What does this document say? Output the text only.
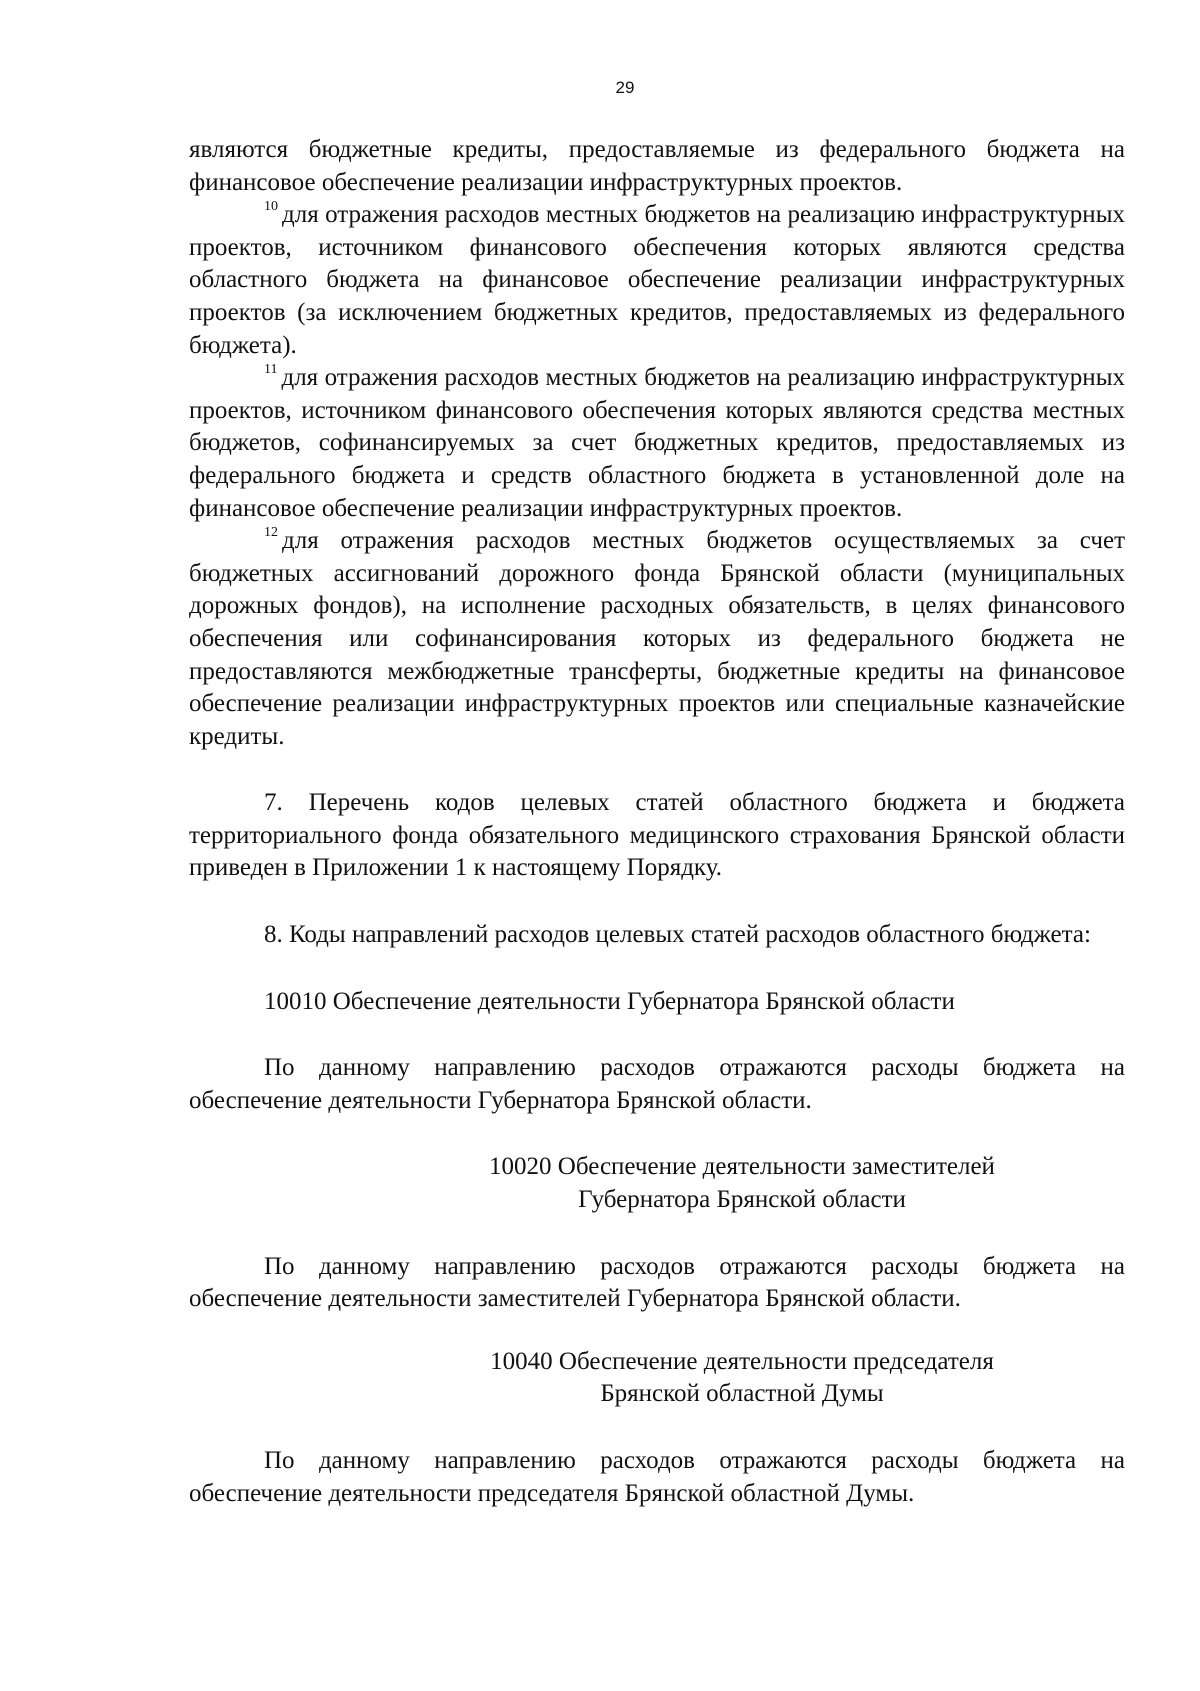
29

являются бюджетные кредиты, предоставляемые из федерального бюджета на финансовое обеспечение реализации инфраструктурных проектов.

$^{10}$ для отражения расходов местных бюджетов на реализацию инфраструктурных проектов, источником финансового обеспечения которых являются средства областного бюджета на финансовое обеспечение реализации инфраструктурных проектов (за исключением бюджетных кредитов, предоставляемых из федерального бюджета).

$^{11}$ для отражения расходов местных бюджетов на реализацию инфраструктурных проектов, источником финансового обеспечения которых являются средства местных бюджетов, софинансируемых за счет бюджетных кредитов, предоставляемых из федерального бюджета и средств областного бюджета в установленной доле на финансовое обеспечение реализации инфраструктурных проектов.

$^{12}$ для отражения расходов местных бюджетов осуществляемых за счет бюджетных ассигнований дорожного фонда Брянской области (муниципальных дорожных фондов), на исполнение расходных обязательств, в целях финансового обеспечения или софинансирования которых из федерального бюджета не предоставляются межбюджетные трансферты, бюджетные кредиты на финансовое обеспечение реализации инфраструктурных проектов или специальные казначейские кредиты.

7. Перечень кодов целевых статей областного бюджета и бюджета территориального фонда обязательного медицинского страхования Брянской области приведен в Приложении 1 к настоящему Порядку.

8. Коды направлений расходов целевых статей расходов областного бюджета:

10010 Обеспечение деятельности Губернатора Брянской области

По данному направлению расходов отражаются расходы бюджета на обеспечение деятельности Губернатора Брянской области.

10020 Обеспечение деятельности заместителей

Губернатора Брянской области

По данному направлению расходов отражаются расходы бюджета на обеспечение деятельности заместителей Губернатора Брянской области.

10040 Обеспечение деятельности председателя

Брянской областной Думы

По данному направлению расходов отражаются расходы бюджета на обеспечение деятельности председателя Брянской областной Думы.
